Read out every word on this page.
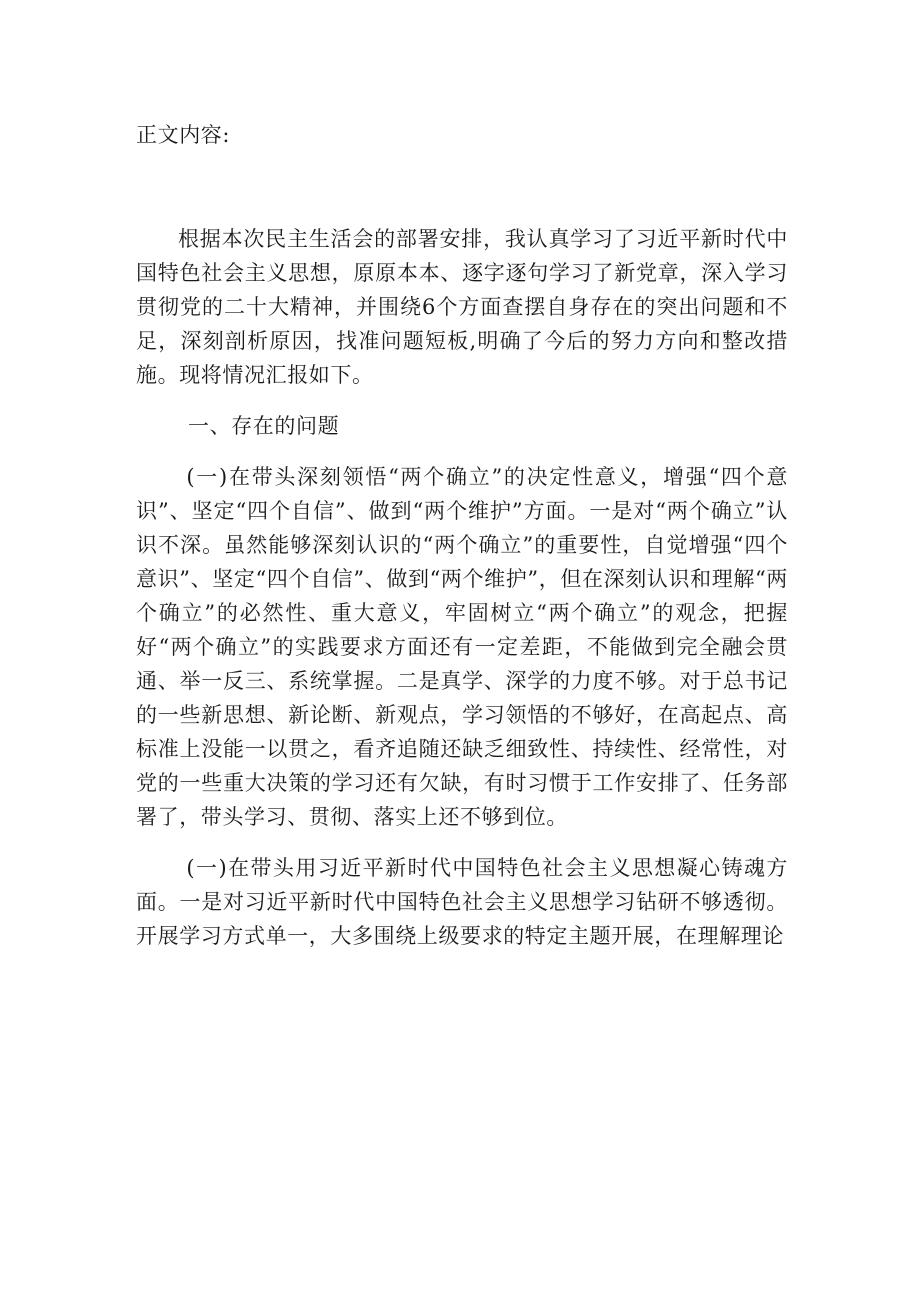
正文内容:

根据本次民主生活会的部署安排，我认真学习了习近平新时代中国特色社会主义思想，原原本本、逐字逐句学习了新党章，深入学习贯彻党的二十大精神，并围绕6个方面查摆自身存在的突出问题和不足，深刻剖析原因，找准问题短板,明确了今后的努力方向和整改措施。现将情况汇报如下。

一、存在的问题

(一)在带头深刻领悟“两个确立”的决定性意义，增强“四个意识”、坚定“四个自信”、做到“两个维护”方面。一是对“两个确立”认识不深。虽然能够深刻认识的“两个确立”的重要性，自觉增强“四个意识”、坚定“四个自信”、做到“两个维护”，但在深刻认识和理解“两个确立”的必然性、重大意义，牢固树立“两个确立”的观念，把握好“两个确立”的实践要求方面还有一定差距，不能做到完全融会贯通、举一反三、系统掌握。二是真学、深学的力度不够。对于总书记的一些新思想、新论断、新观点，学习领悟的不够好，在高起点、高标准上没能一以贯之，看齐追随还缺乏细致性、持续性、经常性，对党的一些重大决策的学习还有欠缺，有时习惯于工作安排了、任务部署了，带头学习、贯彻、落实上还不够到位。

(一)在带头用习近平新时代中国特色社会主义思想凝心铸魂方面。一是对习近平新时代中国特色社会主义思想学习钻研不够透彻。开展学习方式单一，大多围绕上级要求的特定主题开展，在理解理论
